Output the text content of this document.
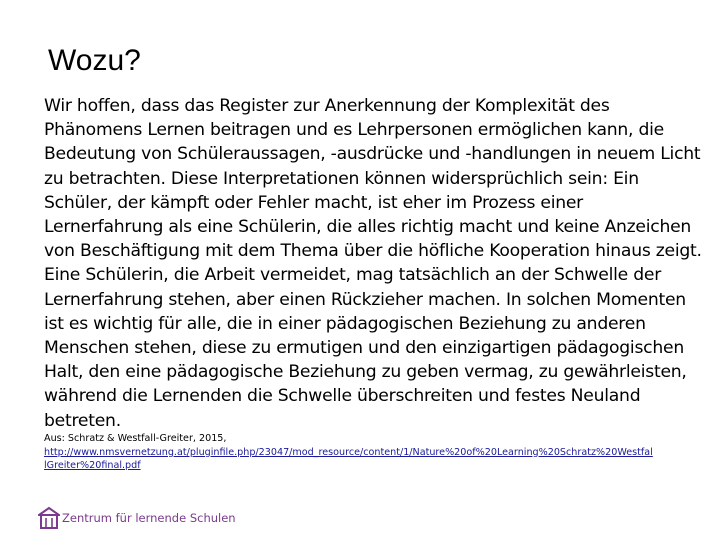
Wozu?
Wir hoffen, dass das Register zur Anerkennung der Komplexität des
Phänomens Lernen beitragen und es Lehrpersonen ermöglichen kann, die
Bedeutung von Schüleraussagen, -ausdrücke und -handlungen in neuem Licht
zu betrachten. Diese Interpretationen können widersprüchlich sein: Ein
Schüler, der kämpft oder Fehler macht, ist eher im Prozess einer
Lernerfahrung als eine Schülerin, die alles richtig macht und keine Anzeichen
von Beschäftigung mit dem Thema über die höfliche Kooperation hinaus zeigt.
Eine Schülerin, die Arbeit vermeidet, mag tatsächlich an der Schwelle der
Lernerfahrung stehen, aber einen Rückzieher machen. In solchen Momenten
ist es wichtig für alle, die in einer pädagogischen Beziehung zu anderen
Menschen stehen, diese zu ermutigen und den einzigartigen pädagogischen
Halt, den eine pädagogische Beziehung zu geben vermag, zu gewährleisten,
während die Lernenden die Schwelle überschreiten und festes Neuland
betreten.
Aus: Schratz & Westfall-Greiter, 2015,
http://www.nmsvernetzung.at/pluginfile.php/23047/mod_resource/content/1/Nature%20of%20Learning%20Schratz%20Westfal
lGreiter%20final.pdf
Zentrum für lernende Schulen
